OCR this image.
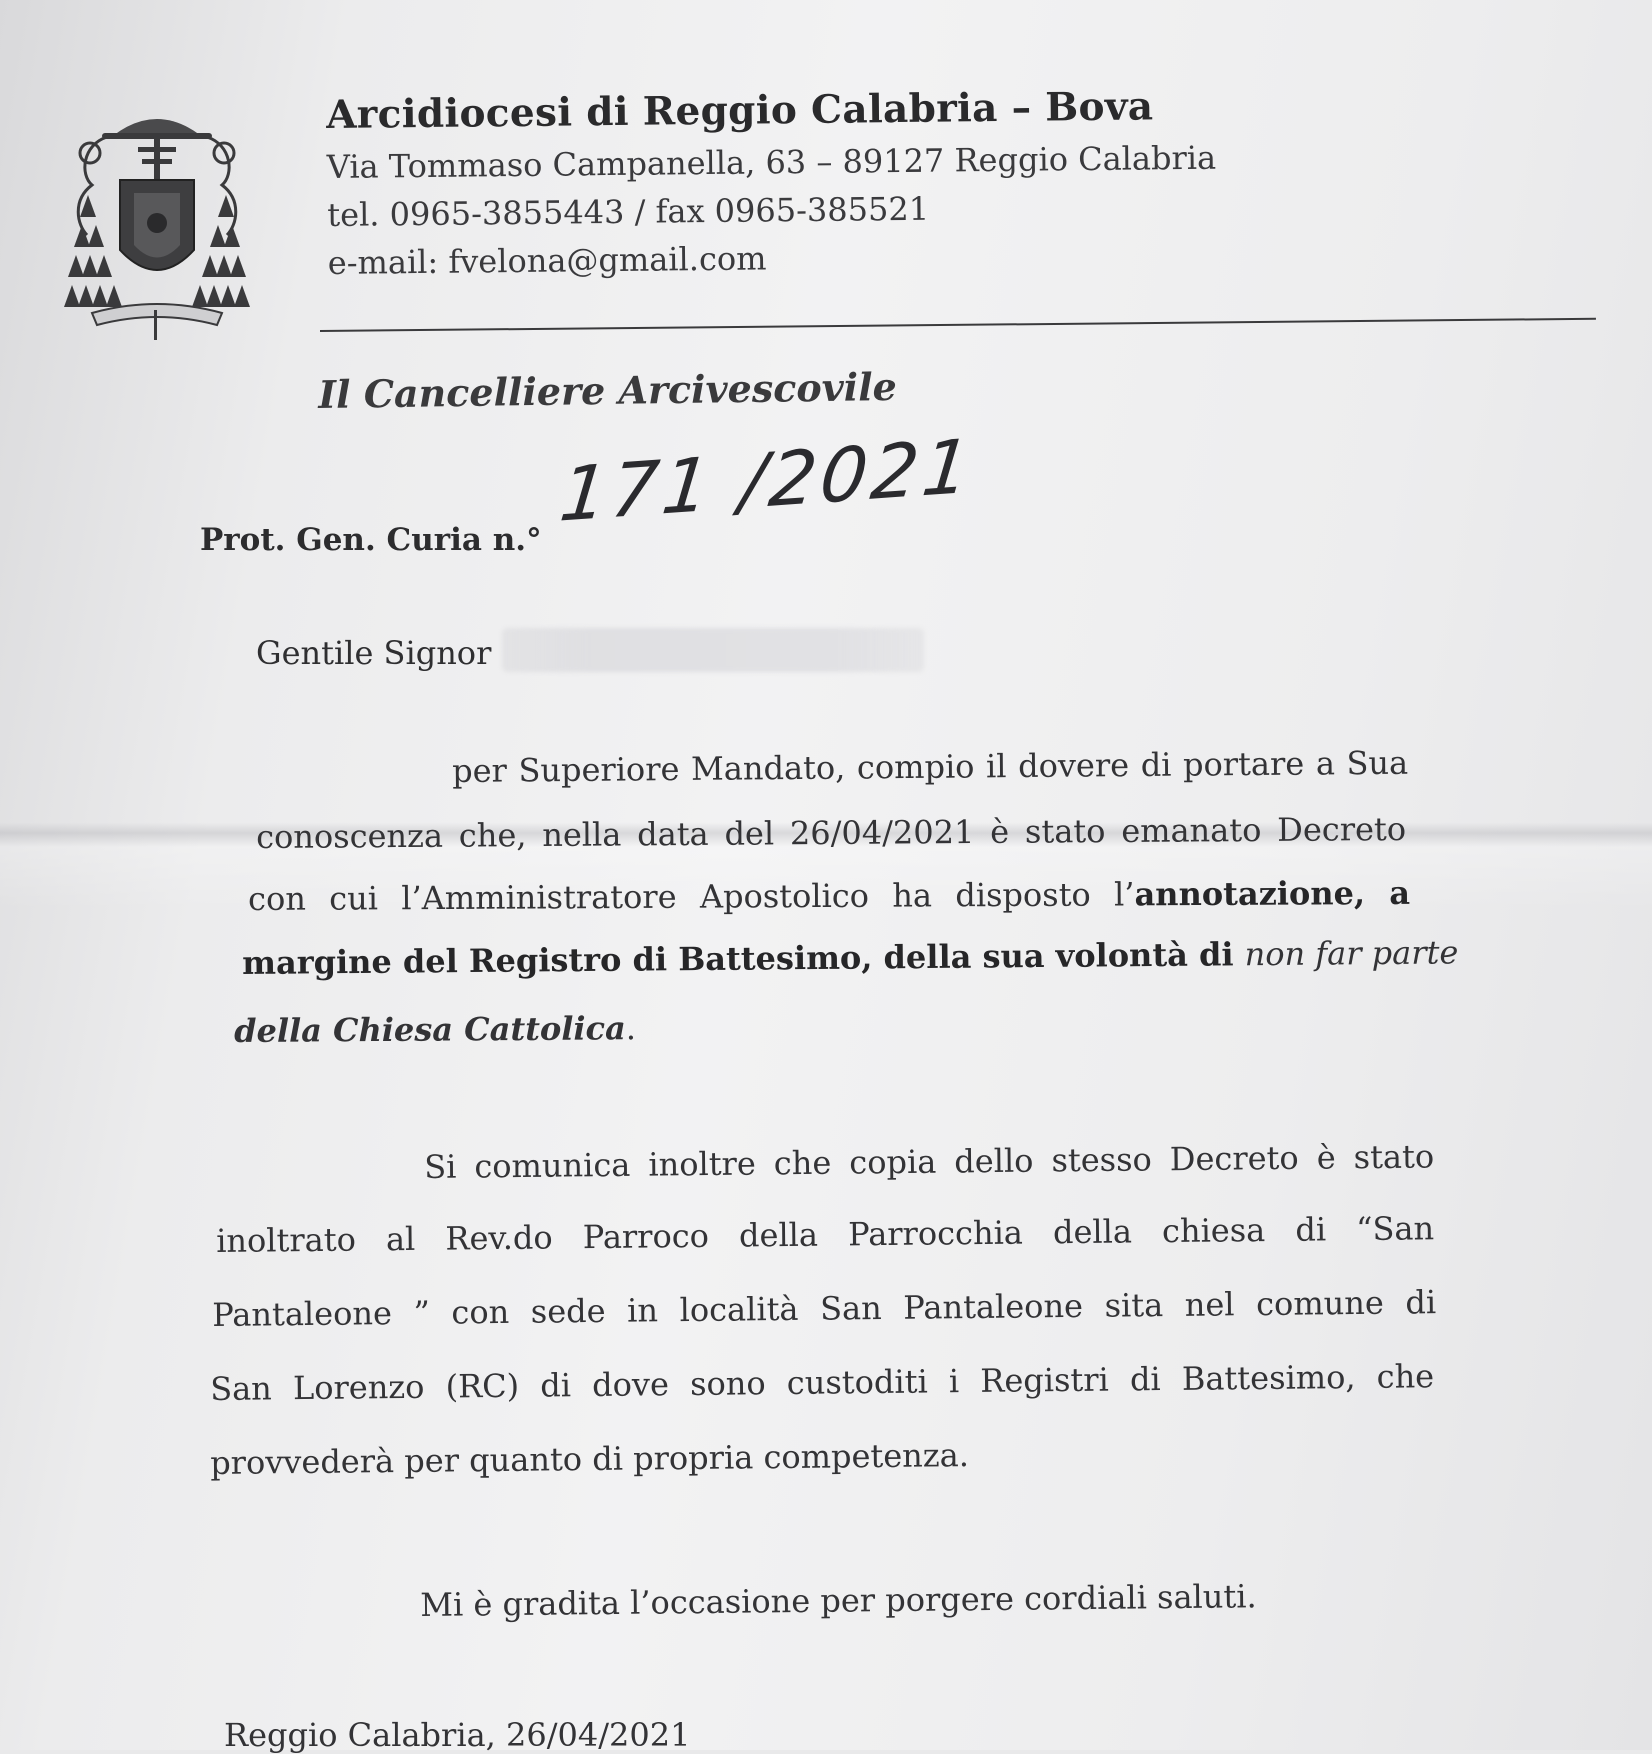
Arcidiocesi di Reggio Calabria – Bova
Via Tommaso Campanella, 63 – 89127 Reggio Calabria
tel. 0965-3855443 / fax 0965-385521
e-mail: fvelona@gmail.com
Il Cancelliere Arcivescovile
Prot. Gen. Curia n.°
171 /2021
Gentile Signor
per Superiore Mandato, compio il dovere di portare a Sua
conoscenza che, nella data del 26/04/2021 è stato emanato Decreto
con cui l’Amministratore Apostolico ha disposto l’annotazione, a
margine del Registro di Battesimo, della sua volontà di non far parte
della Chiesa Cattolica.
Si comunica inoltre che copia dello stesso Decreto è stato
inoltrato al Rev.do Parroco della Parrocchia della chiesa di “San
Pantaleone ” con sede in località San Pantaleone sita nel comune di
San Lorenzo (RC) di dove sono custoditi i Registri di Battesimo, che
provvederà per quanto di propria competenza.
Mi è gradita l’occasione per porgere cordiali saluti.
Reggio Calabria, 26/04/2021
